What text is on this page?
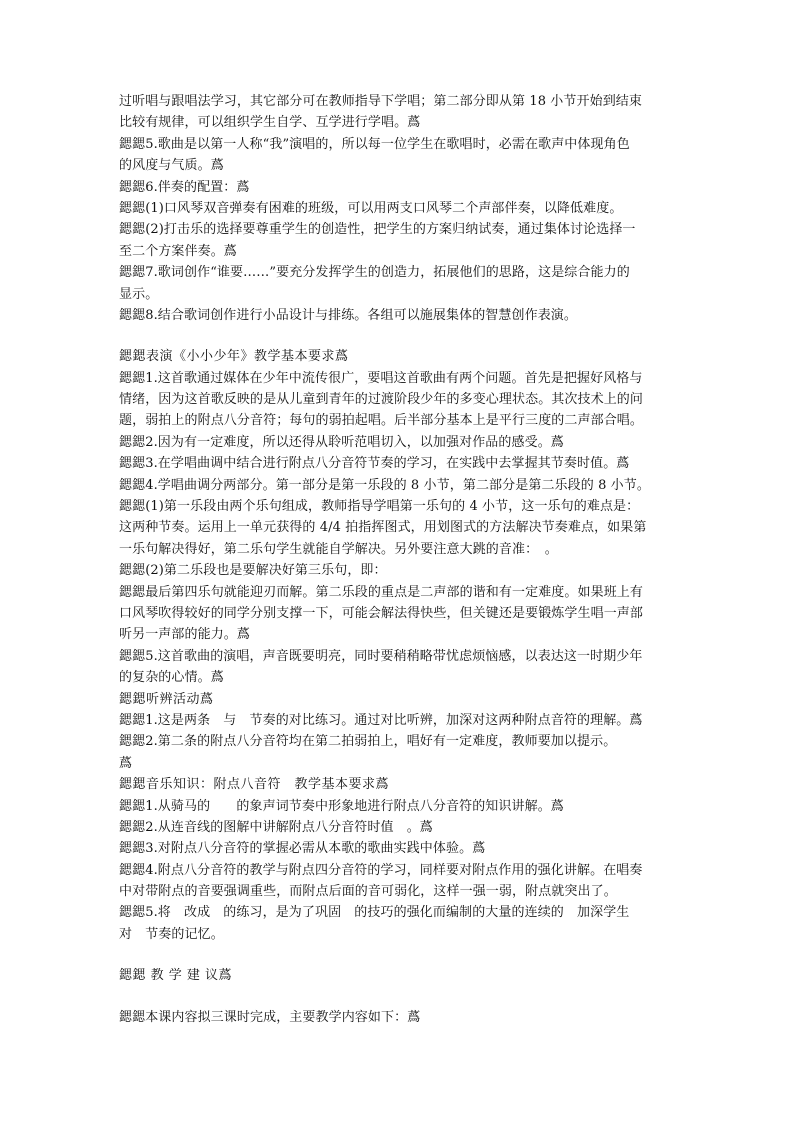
过听唱与跟唱法学习，其它部分可在教师指导下学唱；第二部分即从第 18 小节开始到结束
比较有规律，可以组织学生自学、互学进行学唱。蔿
鍶鍶5.歌曲是以第一人称“我”演唱的，所以每一位学生在歌唱时，必需在歌声中体现角色
的风度与气质。蔿
鍶鍶6.伴奏的配置：蔿
鍶鍶(1)口风琴双音弹奏有困难的班级，可以用两支口风琴二个声部伴奏，以降低难度。
鍶鍶(2)打击乐的选择要尊重学生的创造性，把学生的方案归纳试奏，通过集体讨论选择一
至二个方案伴奏。蔿
鍶鍶7.歌词创作“谁要……”要充分发挥学生的创造力，拓展他们的思路，这是综合能力的
显示。
鍶鍶8.结合歌词创作进行小品设计与排练。各组可以施展集体的智慧创作表演。
鍶鍶表演《小小少年》教学基本要求蔿
鍶鍶1.这首歌通过媒体在少年中流传很广，要唱这首歌曲有两个问题。首先是把握好风格与
情绪，因为这首歌反映的是从儿童到青年的过渡阶段少年的多变心理状态。其次技术上的问
题，弱拍上的附点八分音符；每句的弱拍起唱。后半部分基本上是平行三度的二声部合唱。
鍶鍶2.因为有一定难度，所以还得从聆听范唱切入，以加强对作品的感受。蔿
鍶鍶3.在学唱曲调中结合进行附点八分音符节奏的学习，在实践中去掌握其节奏时值。蔿
鍶鍶4.学唱曲调分两部分。第一部分是第一乐段的 8 小节，第二部分是第二乐段的 8 小节。
鍶鍶(1)第一乐段由两个乐句组成，教师指导学唱第一乐句的 4 小节，这一乐句的难点是：
这两种节奏。运用上一单元获得的 4/4 拍指挥图式，用划图式的方法解决节奏难点，如果第
一乐句解决得好，第二乐句学生就能自学解决。另外要注意大跳的音准：　。
鍶鍶(2)第二乐段也是要解决好第三乐句，即：
鍶鍶最后第四乐句就能迎刃而解。第二乐段的重点是二声部的谐和有一定难度。如果班上有
口风琴吹得较好的同学分别支撑一下，可能会解法得快些，但关键还是要锻炼学生唱一声部
听另一声部的能力。蔿
鍶鍶5.这首歌曲的演唱，声音既要明亮，同时要稍稍略带忧虑烦恼感，以表达这一时期少年
的复杂的心情。蔿
鍶鍶听辨活动蔿
鍶鍶1.这是两条　与　节奏的对比练习。通过对比听辨，加深对这两种附点音符的理解。蔿
鍶鍶2.第二条的附点八分音符均在第二拍弱拍上，唱好有一定难度，教师要加以提示。
蔿
鍶鍶音乐知识：附点八音符　教学基本要求蔿
鍶鍶1.从骑马的　　的象声词节奏中形象地进行附点八分音符的知识讲解。蔿
鍶鍶2.从连音线的图解中讲解附点八分音符时值　。蔿
鍶鍶3.对附点八分音符的掌握必需从本歌的歌曲实践中体验。蔿
鍶鍶4.附点八分音符的教学与附点四分音符的学习，同样要对附点作用的强化讲解。在唱奏
中对带附点的音要强调重些，而附点后面的音可弱化，这样一强一弱，附点就突出了。
鍶鍶5.将　改成　的练习，是为了巩固　的技巧的强化而编制的大量的连续的　加深学生
对　节奏的记忆。
鍶鍶 教 学 建 议蔿
鍶鍶本课内容拟三课时完成，主要教学内容如下：蔿
